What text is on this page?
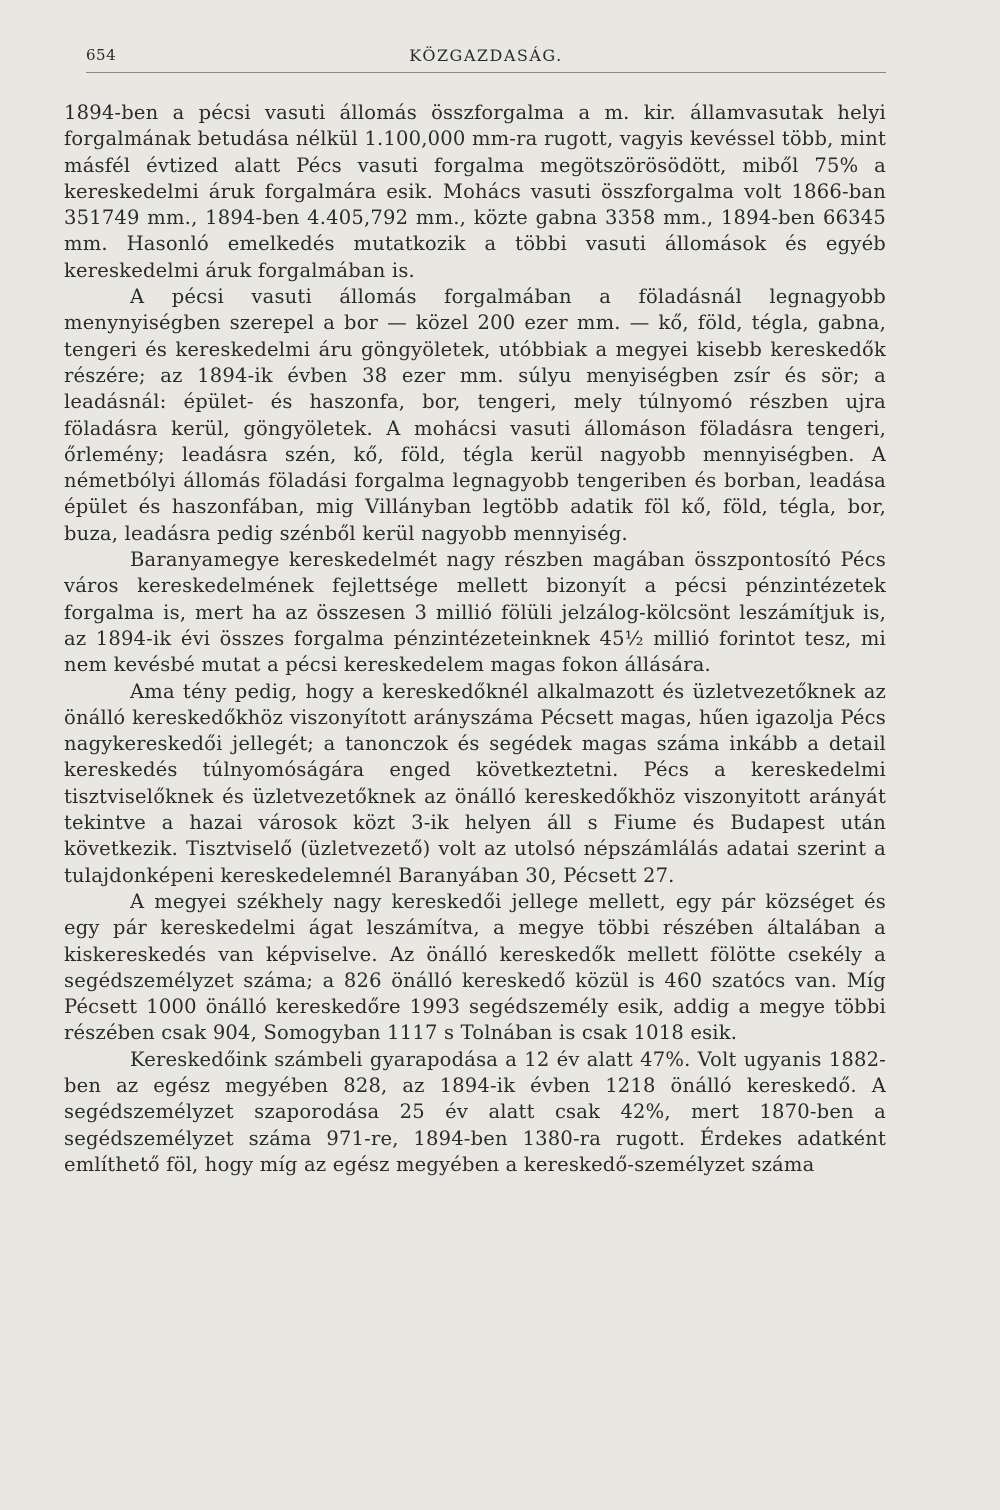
654	KÖZGAZDASÁG.

1894-ben a pécsi vasuti állomás összforgalma a m. kir. államvasutak helyi forgalmának betudása nélkül 1.100,000 mm-ra rugott, vagyis kevéssel több, mint másfél évtized alatt Pécs vasuti forgalma megötszörösödött, miből 75% a kereskedelmi áruk forgalmára esik. Mohács vasuti összforgalma volt 1866-ban 351749 mm., 1894-ben 4.405,792 mm., közte gabna 3358 mm., 1894-ben 66345 mm. Hasonló emelkedés mutatkozik a többi vasuti állomások és egyéb kereskedelmi áruk forgalmában is.

A pécsi vasuti állomás forgalmában a föladásnál legnagyobb menynyiségben szerepel a bor — közel 200 ezer mm. — kő, föld, tégla, gabna, tengeri és kereskedelmi áru göngyöletek, utóbbiak a megyei kisebb kereskedők részére; az 1894-ik évben 38 ezer mm. súlyu menyiségben zsír és sör; a leadásnál: épület- és haszonfa, bor, tengeri, mely túlnyomó részben ujra föladásra kerül, göngyöletek. A mohácsi vasuti állomáson föladásra tengeri, őrlemény; leadásra szén, kő, föld, tégla kerül nagyobb mennyiségben. A németbólyi állomás föladási forgalma legnagyobb tengeriben és borban, leadása épület és haszonfában, mig Villányban legtöbb adatik föl kő, föld, tégla, bor, buza, leadásra pedig szénből kerül nagyobb mennyiség.

Baranyamegye kereskedelmét nagy részben magában összpontosító Pécs város kereskedelmének fejlettsége mellett bizonyít a pécsi pénzintézetek forgalma is, mert ha az összesen 3 millió fölüli jelzálog-kölcsönt leszámítjuk is, az 1894-ik évi összes forgalma pénzintézeteinknek 45½ millió forintot tesz, mi nem kevésbé mutat a pécsi kereskedelem magas fokon állására.

Ama tény pedig, hogy a kereskedőknél alkalmazott és üzletvezetőknek az önálló kereskedőkhöz viszonyított arányszáma Pécsett magas, hűen igazolja Pécs nagykereskedői jellegét; a tanonczok és segédek magas száma inkább a detail kereskedés túlnyomóságára enged következtetni. Pécs a kereskedelmi tisztviselőknek és üzletvezetőknek az önálló kereskedőkhöz viszonyitott arányát tekintve a hazai városok közt 3-ik helyen áll s Fiume és Budapest után következik. Tisztviselő (üzletvezető) volt az utolsó népszámlálás adatai szerint a tulajdonképeni kereskedelemnél Baranyában 30, Pécsett 27.

A megyei székhely nagy kereskedői jellege mellett, egy pár községet és egy pár kereskedelmi ágat leszámítva, a megye többi részében általában a kiskereskedés van képviselve. Az önálló kereskedők mellett fölötte csekély a segédszemélyzet száma; a 826 önálló kereskedő közül is 460 szatócs van. Míg Pécsett 1000 önálló kereskedőre 1993 segédszemély esik, addig a megye többi részében csak 904, Somogyban 1117 s Tolnában is csak 1018 esik.

Kereskedőink számbeli gyarapodása a 12 év alatt 47%. Volt ugyanis 1882-ben az egész megyében 828, az 1894-ik évben 1218 önálló kereskedő. A segédszemélyzet szaporodása 25 év alatt csak 42%, mert 1870-ben a segédszemélyzet száma 971-re, 1894-ben 1380-ra rugott. Érdekes adatként említhető föl, hogy míg az egész megyében a kereskedő-személyzet száma
